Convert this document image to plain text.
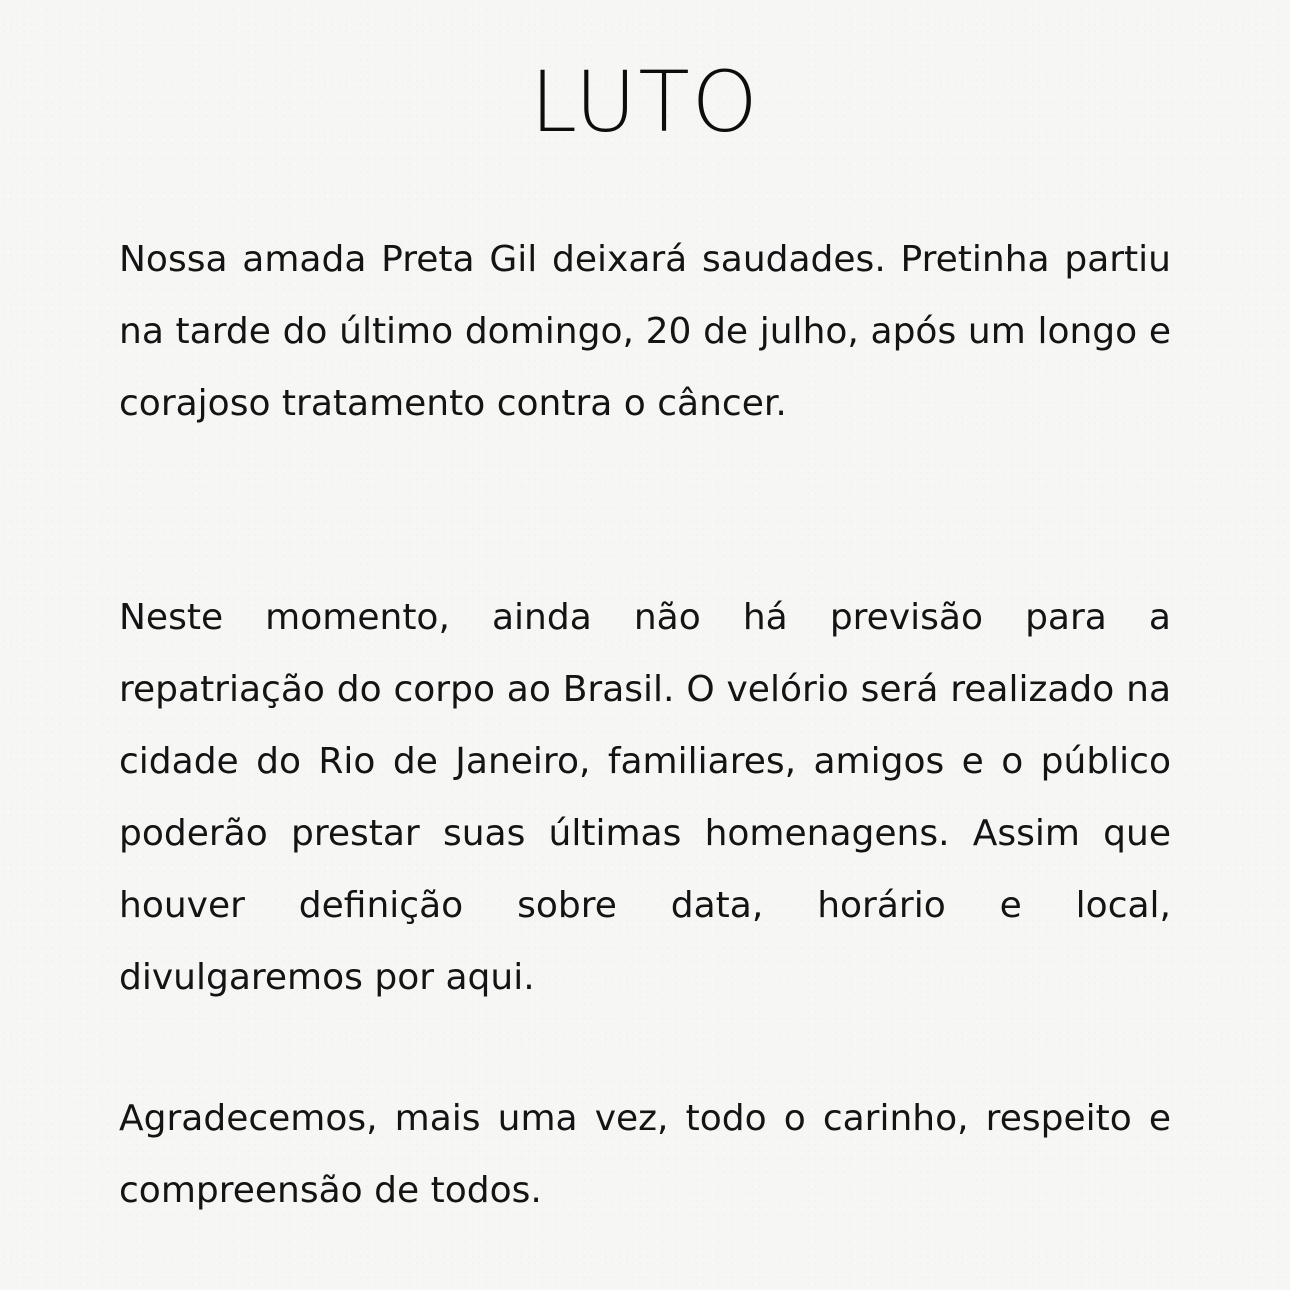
LUTO

Nossa amada Preta Gil deixará saudades. Pretinha partiu na tarde do último domingo, 20 de julho, após um longo e corajoso tratamento contra o câncer.

Neste momento, ainda não há previsão para a repatriação do corpo ao Brasil. O velório será realizado na cidade do Rio de Janeiro, familiares, amigos e o público poderão prestar suas últimas homenagens. Assim que houver definição sobre data, horário e local, divulgaremos por aqui.

Agradecemos, mais uma vez, todo o carinho, respeito e compreensão de todos.
